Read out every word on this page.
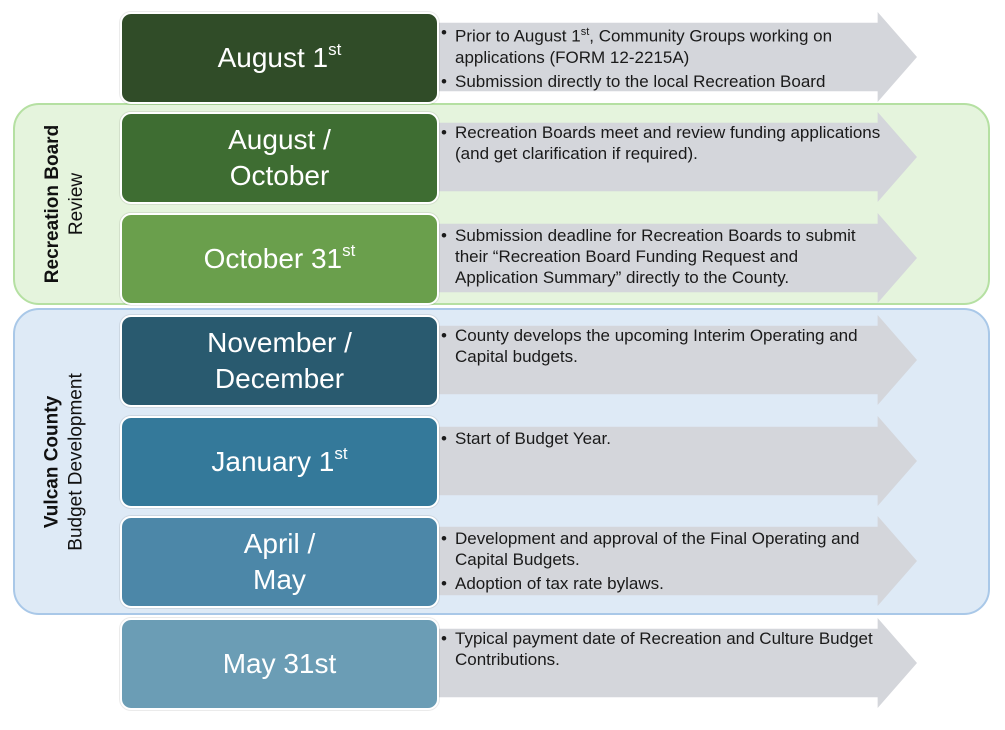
Recreation Board Review
Vulcan County Budget Development
August 1st
• Prior to August 1st, Community Groups working on applications (FORM 12-2215A)
• Submission directly to the local Recreation Board
August /
October
• Recreation Boards meet and review funding applications (and get clarification if required).
October 31st
• Submission deadline for Recreation Boards to submit their “Recreation Board Funding Request and Application Summary” directly to the County.
November /
December
• County develops the upcoming Interim Operating and Capital budgets.
January 1st
• Start of Budget Year.
April /
May
• Development and approval of the Final Operating and Capital Budgets.
• Adoption of tax rate bylaws.
May 31st
• Typical payment date of Recreation and Culture Budget Contributions.
